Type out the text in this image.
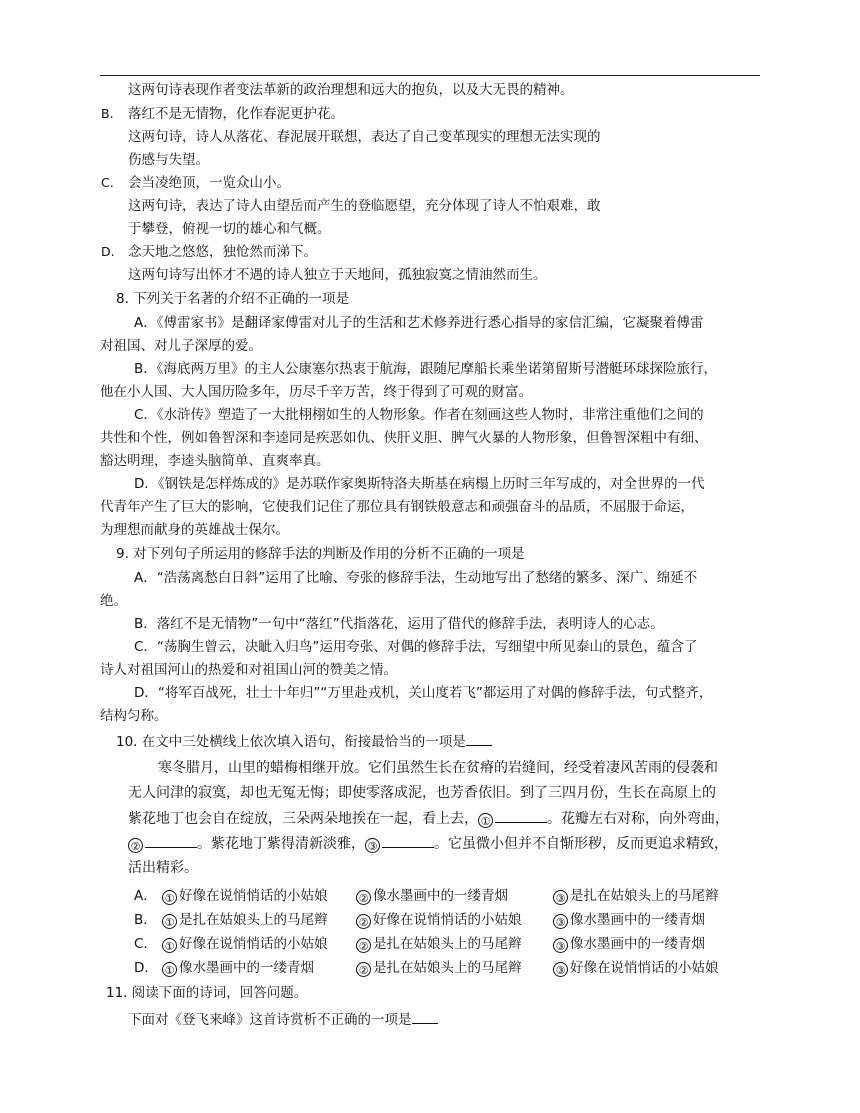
这两句诗表现作者变法革新的政治理想和远大的抱负，以及大无畏的精神。
B. 落红不是无情物，化作春泥更护花。
这两句诗，诗人从落花、春泥展开联想，表达了自己变革现实的理想无法实现的
伤感与失望。
C. 会当凌绝顶，一览众山小。
这两句诗，表达了诗人由望岳而产生的登临愿望，充分体现了诗人不怕艰难，敢
于攀登，俯视一切的雄心和气概。
D. 念天地之悠悠，独怆然而涕下。
这两句诗写出怀才不遇的诗人独立于天地间，孤独寂寞之情油然而生。
8. 下列关于名著的介绍不正确的一项是
A．《傅雷家书》是翻译家傅雷对儿子的生活和艺术修养进行悉心指导的家信汇编，它凝聚着傅雷
对祖国、对儿子深厚的爱。
B．《海底两万里》的主人公康塞尔热衷于航海，跟随尼摩船长乘坐诺第留斯号潜艇环球探险旅行，
他在小人国、大人国历险多年，历尽千辛万苦，终于得到了可观的财富。
C．《水浒传》塑造了一大批栩栩如生的人物形象。作者在刻画这些人物时，非常注重他们之间的
共性和个性，例如鲁智深和李逵同是疾恶如仇、侠肝义胆、脾气火暴的人物形象，但鲁智深粗中有细、
豁达明理，李逵头脑简单、直爽率真。
D．《钢铁是怎样炼成的》是苏联作家奥斯特洛夫斯基在病榻上历时三年写成的，对全世界的一代
代青年产生了巨大的影响，它使我们记住了那位具有钢铁般意志和顽强奋斗的品质，不屈服于命运，
为理想而献身的英雄战士保尔。
9. 对下列句子所运用的修辞手法的判断及作用的分析不正确的一项是
A．“浩荡离愁白日斜”运用了比喻、夸张的修辞手法，生动地写出了愁绪的繁多、深广、绵延不
绝。
B．落红不是无情物”一句中“落红”代指落花，运用了借代的修辞手法，表明诗人的心志。
C．“荡胸生曾云，决眦入归鸟”运用夸张、对偶的修辞手法，写细望中所见泰山的景色，蕴含了
诗人对祖国河山的热爱和对祖国山河的赞美之情。
D．“将军百战死，壮士十年归”“万里赴戎机，关山度若飞”都运用了对偶的修辞手法，句式整齐，
结构匀称。
10. 在文中三处横线上依次填入语句，衔接最恰当的一项是
寒冬腊月，山里的蜡梅相继开放。它们虽然生长在贫瘠的岩缝间，经受着凄风苦雨的侵袭和
无人问津的寂寞，却也无冤无悔；即使零落成泥，也芳香依旧。到了三四月份，生长在高原上的
紫花地丁也会自在绽放，三朵两朵地挨在一起，看上去， ①	。花瓣左右对称，向外弯曲，
②	。紫花地丁紫得清新淡雅， ③	。它虽微小但并不自惭形秽，反而更追求精致，
活出精彩。
A． ① 好像在说悄悄话的小姑娘	② 像水墨画中的一缕青烟	③ 是扎在姑娘头上的马尾辫
B． ① 是扎在姑娘头上的马尾辫	② 好像在说悄悄话的小姑娘	③ 像水墨画中的一缕青烟
C． ① 好像在说悄悄话的小姑娘	② 是扎在姑娘头上的马尾辫	③ 像水墨画中的一缕青烟
D． ① 像水墨画中的一缕青烟	② 是扎在姑娘头上的马尾辫	③ 好像在说悄悄话的小姑娘
11. 阅读下面的诗词，回答问题。
下面对《登飞来峰》这首诗赏析不正确的一项是
